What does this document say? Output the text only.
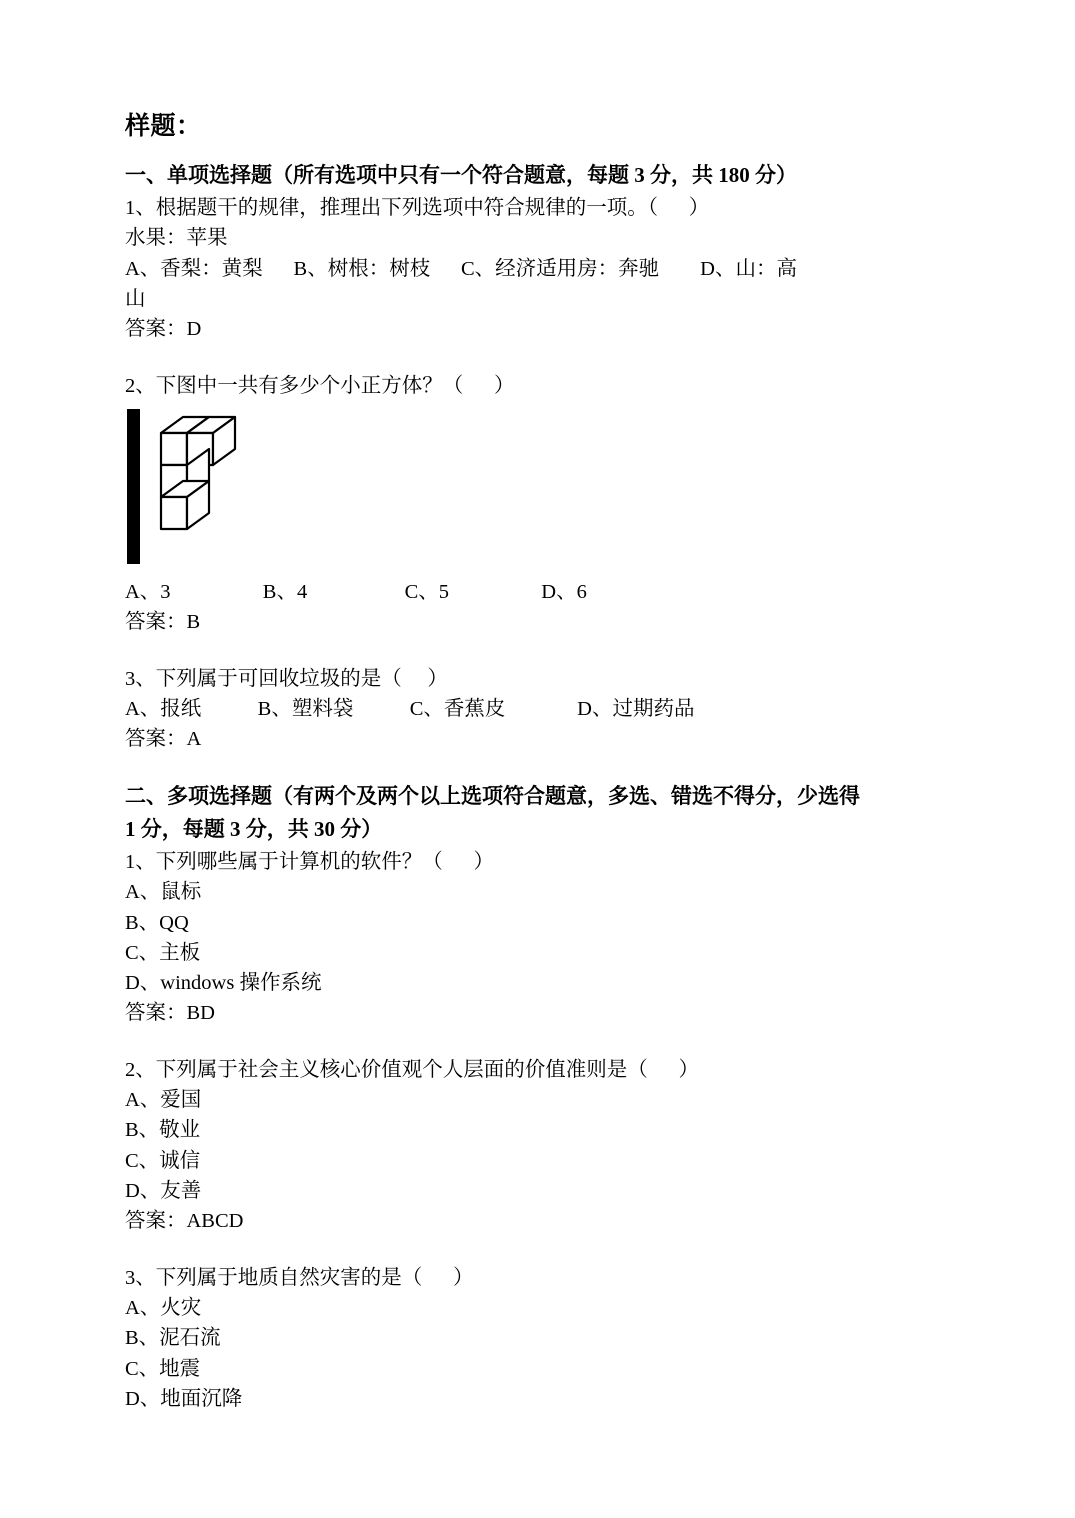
样题：

一、单项选择题（所有选项中只有一个符合题意，每题 3 分，共 180 分）

1、根据题干的规律，推理出下列选项中符合规律的一项。（      ）

水果：苹果

A、香梨：黄梨      B、树根：树枝      C、经济适用房：奔驰        D、山：高

山

答案：D

2、下图中一共有多少个小正方体？（      ）

A、3                  B、4                   C、5                  D、6

答案：B

3、下列属于可回收垃圾的是（     ）

A、报纸           B、塑料袋           C、香蕉皮              D、过期药品

答案：A

二、多项选择题（有两个及两个以上选项符合题意，多选、错选不得分，少选得

1 分，每题 3 分，共 30 分）

1、下列哪些属于计算机的软件？（      ）

A、鼠标

B、QQ

C、主板

D、windows 操作系统

答案：BD

2、下列属于社会主义核心价值观个人层面的价值准则是（      ）

A、爱国

B、敬业

C、诚信

D、友善

答案：ABCD

3、下列属于地质自然灾害的是（      ）

A、火灾

B、泥石流

C、地震

D、地面沉降
